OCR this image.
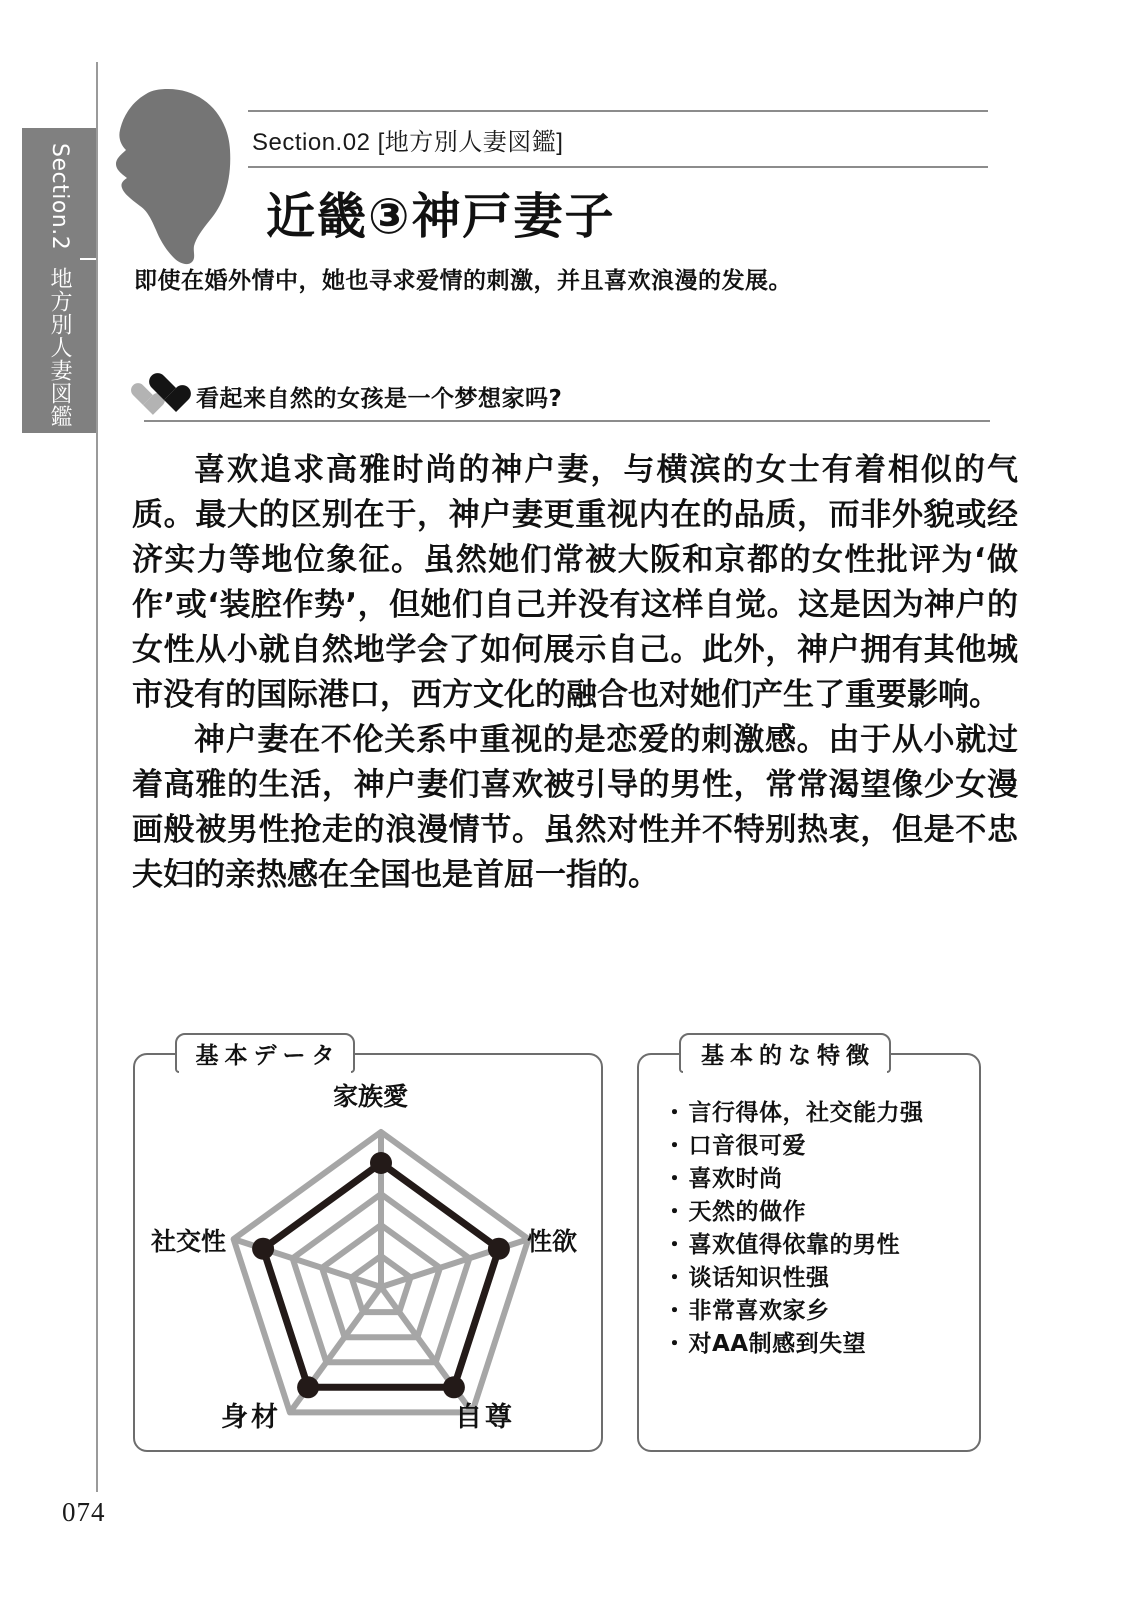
Section.2
地方別人妻図鑑
Section.02 [地方別人妻図鑑]
近畿③神戸妻子
即使在婚外情中，她也寻求爱情的刺激，并且喜欢浪漫的发展。
看起来自然的女孩是一个梦想家吗?

喜欢追求高雅时尚的神户妻，与横滨的女士有着相似的气质。最大的区别在于，神户妻更重视内在的品质，而非外貌或经济实力等地位象征。虽然她们常被大阪和京都的女性批评为‘做作’或‘装腔作势’，但她们自己并没有这样自觉。这是因为神户的女性从小就自然地学会了如何展示自己。此外，神户拥有其他城市没有的国际港口，西方文化的融合也对她们产生了重要影响。

神户妻在不伦关系中重视的是恋爱的刺激感。由于从小就过着高雅的生活，神户妻们喜欢被引导的男性，常常渴望像少女漫画般被男性抢走的浪漫情节。虽然对性并不特别热衷，但是不忠夫妇的亲热感在全国也是首屈一指的。

基本データ
家族愛
性欲
自尊
身材
社交性
基本的な特徴
・言行得体，社交能力强
・口音很可爱
・喜欢时尚
・天然的做作
・喜欢值得依靠的男性
・谈话知识性强
・非常喜欢家乡
・对AA制感到失望
074
